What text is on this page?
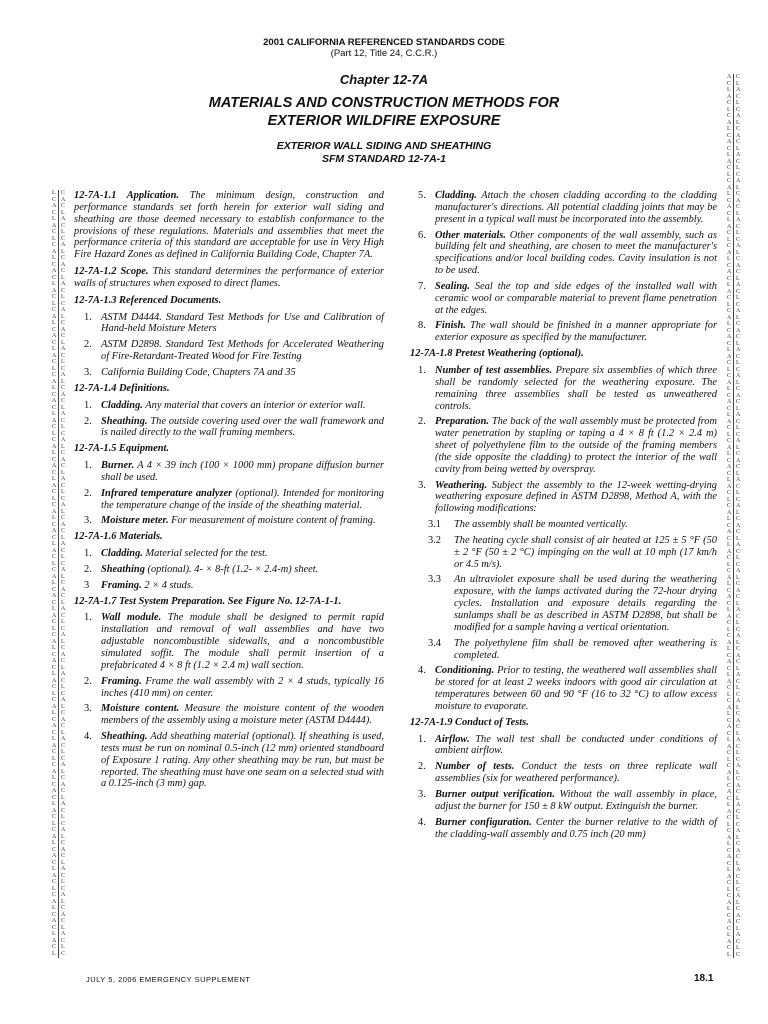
2001 CALIFORNIA REFERENCED STANDARDS CODE
(Part 12, Title 24, C.C.R.)
Chapter 12-7A
MATERIALS AND CONSTRUCTION METHODS FOR
EXTERIOR WILDFIRE EXPOSURE
EXTERIOR WALL SIDING AND SHEATHING
SFM STANDARD 12-7A-1
L
C
A
C
L
A
C
L
C
A
L
C
A
C
L
A
C
L
C
A
L
C
A
C
L
A
C
L
C
A
L
C
A
C
L
A
C
L
C
A
L
C
A
C
L
A
C
L
C
A
L
C
A
C
L
A
C
L
C
A
L
C
A
C
L
A
C
L
C
A
L
C
A
C
L
A
C
L
C
A
L
C
A
C
L
A
C
L
C
A
L
C
A
C
L
A
C
L
C
A
L
C
A
C
L
A
C
L
C
A
L
C
A
C
L
A
C
L
C
A
C
L
A
C
L
C
A
L
C
A
C
L
A
C
L
C
A
L
C
A
C
L
A
C
L
C
A
L
C
A
C
L
A
C
L
C
A
L
C
A
C
L
A
C
L
C
A
L
C
A
C
L
A
C
L
C
A
L
C
A
C
L
A
C
L
C
A
L
C
A
C
L
A
C
L
C
A
L
C
A
C
L
A
C
L
C
A
L
C
A
C
L
A
C
L
C
A
L
C
A
C
L
A
C
L
C
A
L
C
A
C
L
A
C
L
C
A
C
L
A
C
L
C
A
L
C
A
C
L
A
C
L
C
A
L
C
A
C
L
A
C
L
C
A
L
C
A
C
L
A
C
L
C
A
L
C
A
C
L
A
C
L
C
A
L
C
A
C
L
A
C
L
C
A
L
C
A
C
L
A
C
L
C
A
L
C
A
C
L
A
C
L
C
A
L
C
A
C
L
A
C
L
C
A
L
C
A
C
L
A
C
L
C
A
L
C
A
C
L
A
C
L
C
A
L
C
A
C
L
A
C
L
C
A
L
C
A
C
L
A
C
L
C
A
L
C
A
C
L
A
C
L
C
L
A
C
L
C
A
L
C
A
C
L
A
C
L
C
A
L
C
A
C
L
A
C
L
C
A
L
C
A
C
L
A
C
L
C
A
L
C
A
C
L
A
C
L
C
A
L
C
A
C
L
A
C
L
C
A
L
C
A
C
L
A
C
L
C
A
L
C
A
C
L
A
C
L
C
A
L
C
A
C
L
A
C
L
C
A
L
C
A
C
L
A
C
L
C
A
L
C
A
C
L
A
C
L
C
A
L
C
A
C
L
A
C
L
C
A
L
C
A
C
L
A
C
L
C
A
L
C
A
C
L
A
C
L
C

12-7A-1.1 Application. The minimum design, construction and performance standards set forth herein for exterior wall siding and sheathing are those deemed necessary to establish conformance to the provisions of these regulations. Materials and assemblies that meet the performance criteria of this standard are acceptable for use in Very High Fire Hazard Zones as defined in California Building Code, Chapter 7A.

12-7A-1.2 Scope. This standard determines the performance of exterior walls of structures when exposed to direct flames.

12-7A-1.3 Referenced Documents.

1. ASTM D4444. Standard Test Methods for Use and Calibration of Hand-held Moisture Meters
2. ASTM D2898. Standard Test Methods for Accelerated Weathering of Fire-Retardant-Treated Wood for Fire Testing
3. California Building Code, Chapters 7A and 35

12-7A-1.4 Definitions.

1. Cladding. Any material that covers an interior or exterior wall.
2. Sheathing. The outside covering used over the wall framework and is nailed directly to the wall framing members.

12-7A-1.5 Equipment.

1. Burner. A 4 × 39 inch (100 × 1000 mm) propane diffusion burner shall be used.
2. Infrared temperature analyzer (optional). Intended for monitoring the temperature change of the inside of the sheathing material.
3. Moisture meter. For measurement of moisture content of framing.

12-7A-1.6 Materials.

1. Cladding. Material selected for the test.
2. Sheathing (optional). 4- × 8-ft (1.2- × 2.4-m) sheet.
3 Framing. 2 × 4 studs.

12-7A-1.7 Test System Preparation. See Figure No. 12-7A-1-1.

1. Wall module. The module shall be designed to permit rapid installation and removal of wall assemblies and have two adjustable noncombustible sidewalls, and a noncombustible simulated soffit. The module shall permit insertion of a prefabricated 4 × 8 ft (1.2 × 2.4 m) wall section.
2. Framing. Frame the wall assembly with 2 × 4 studs, typically 16 inches (410 mm) on center.
3. Moisture content. Measure the moisture content of the wooden members of the assembly using a moisture meter (ASTM D4444).
4. Sheathing. Add sheathing material (optional). If sheathing is used, tests must be run on nominal 0.5-inch (12 mm) oriented standboard of Exposure 1 rating. Any other sheathing may be run, but must be reported. The sheathing must have one seam on a selected stud with a 0.125-inch (3 mm) gap.
5. Cladding. Attach the chosen cladding according to the cladding manufacturer's directions. All potential cladding joints that may be present in a typical wall must be incorporated into the assembly.
6. Other materials. Other components of the wall assembly, such as building felt and sheathing, are chosen to meet the manufacturer's specifications and/or local building codes. Cavity insulation is not to be used.
7. Sealing. Seal the top and side edges of the installed wall with ceramic wool or comparable material to prevent flame penetration at the edges.
8. Finish. The wall should be finished in a manner appropriate for exterior exposure as specified by the manufacturer.

12-7A-1.8 Pretest Weathering (optional).

1. Number of test assemblies. Prepare six assemblies of which three shall be randomly selected for the weathering exposure. The remaining three assemblies shall be tested as unweathered controls.
2. Preparation. The back of the wall assembly must be protected from water penetration by stapling or taping a 4 × 8 ft (1.2 × 2.4 m) sheet of polyethylene film to the outside of the framing members (the side opposite the cladding) to protect the interior of the wall cavity from being wetted by overspray.
3. Weathering. Subject the assembly to the 12-week wetting-drying weathering exposure defined in ASTM D2898, Method A, with the following modifications:
3.1 The assembly shall be mounted vertically.
3.2 The heating cycle shall consist of air heated at 125 ± 5 °F (50 ± 2 °F (50 ± 2 °C) impinging on the wall at 10 mph (17 km/h or 4.5 m/s).
3.3 An ultraviolet exposure shall be used during the weathering exposure, with the lamps activated during the 72-hour drying cycles. Installation and exposure details regarding the sunlamps shall be as described in ASTM D2898, but shall be modified for a sample having a vertical orientation.
3.4 The polyethylene film shall be removed after weathering is completed.
4. Conditioning. Prior to testing, the weathered wall assemblies shall be stored for at least 2 weeks indoors with good air circulation at temperatures between 60 and 90 °F (16 to 32 °C) to allow excess moisture to evaporate.

12-7A-1.9 Conduct of Tests.

1. Airflow. The wall test shall be conducted under conditions of ambient airflow.
2. Number of tests. Conduct the tests on three replicate wall assemblies (six for weathered performance).
3. Burner output verification. Without the wall assembly in place, adjust the burner for 150 ± 8 kW output. Extinguish the burner.
4. Burner configuration. Center the burner relative to the width of the cladding-wall assembly and 0.75 inch (20 mm)
JULY 5, 2006 EMERGENCY SUPPLEMENT	18.1
